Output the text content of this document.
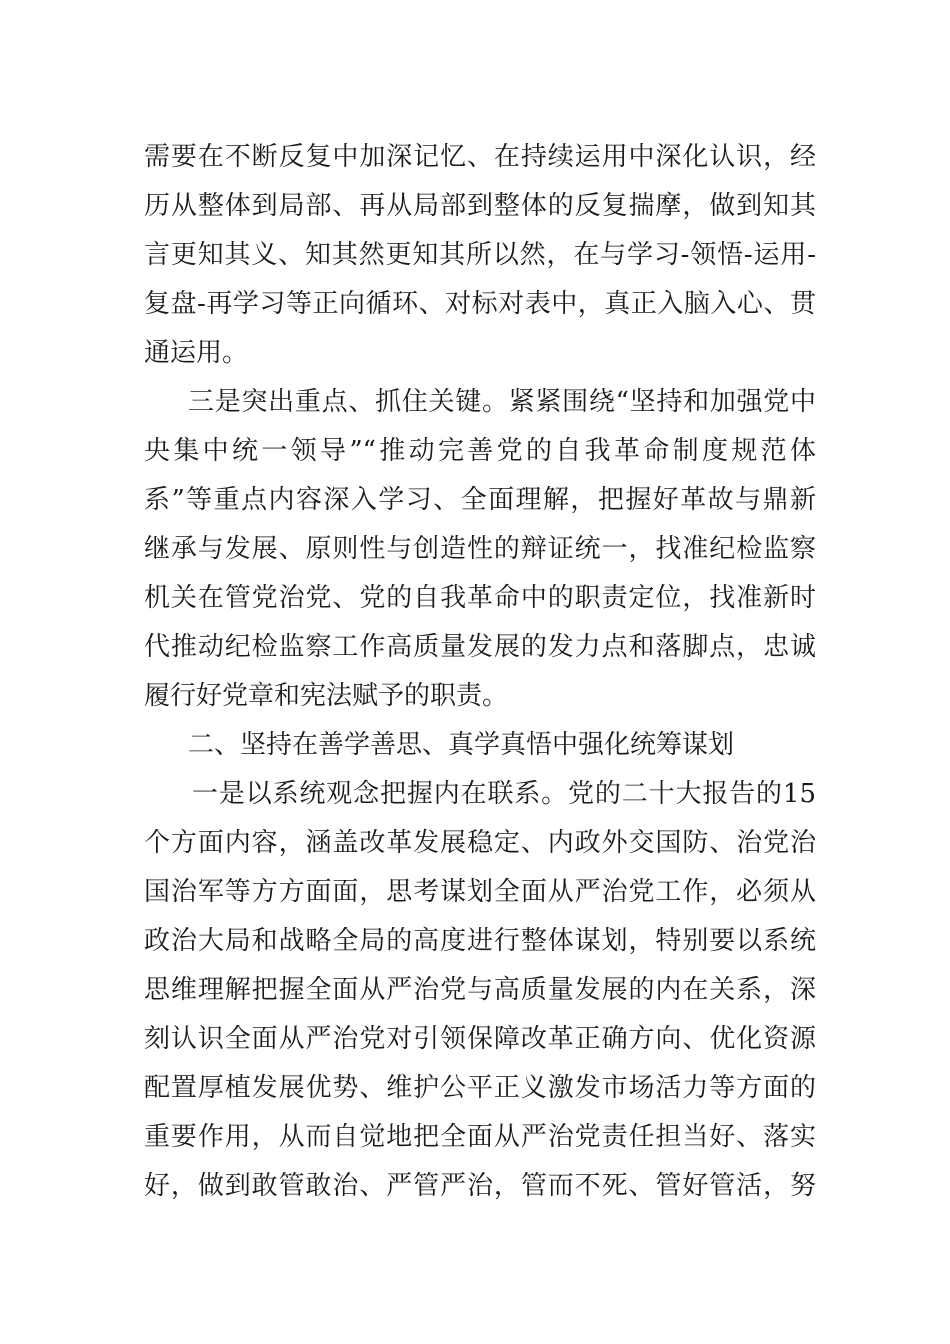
需要在不断反复中加深记忆、在持续运用中深化认识，经
历从整体到局部、再从局部到整体的反复揣摩，做到知其
言更知其义、知其然更知其所以然，在与学习-领悟-运用-
复盘-再学习等正向循环、对标对表中，真正入脑入心、贯
通运用。
三是突出重点、抓住关键。紧紧围绕“坚持和加强党中
央集中统一领导”“推动完善党的自我革命制度规范体
系”等重点内容深入学习、全面理解，把握好革故与鼎新
继承与发展、原则性与创造性的辩证统一，找准纪检监察
机关在管党治党、党的自我革命中的职责定位，找准新时
代推动纪检监察工作高质量发展的发力点和落脚点，忠诚
履行好党章和宪法赋予的职责。
二、坚持在善学善思、真学真悟中强化统筹谋划
一是以系统观念把握内在联系。党的二十大报告的15
个方面内容，涵盖改革发展稳定、内政外交国防、治党治
国治军等方方面面，思考谋划全面从严治党工作，必须从
政治大局和战略全局的高度进行整体谋划，特别要以系统
思维理解把握全面从严治党与高质量发展的内在关系，深
刻认识全面从严治党对引领保障改革正确方向、优化资源
配置厚植发展优势、维护公平正义激发市场活力等方面的
重要作用，从而自觉地把全面从严治党责任担当好、落实
好，做到敢管敢治、严管严治，管而不死、管好管活，努
